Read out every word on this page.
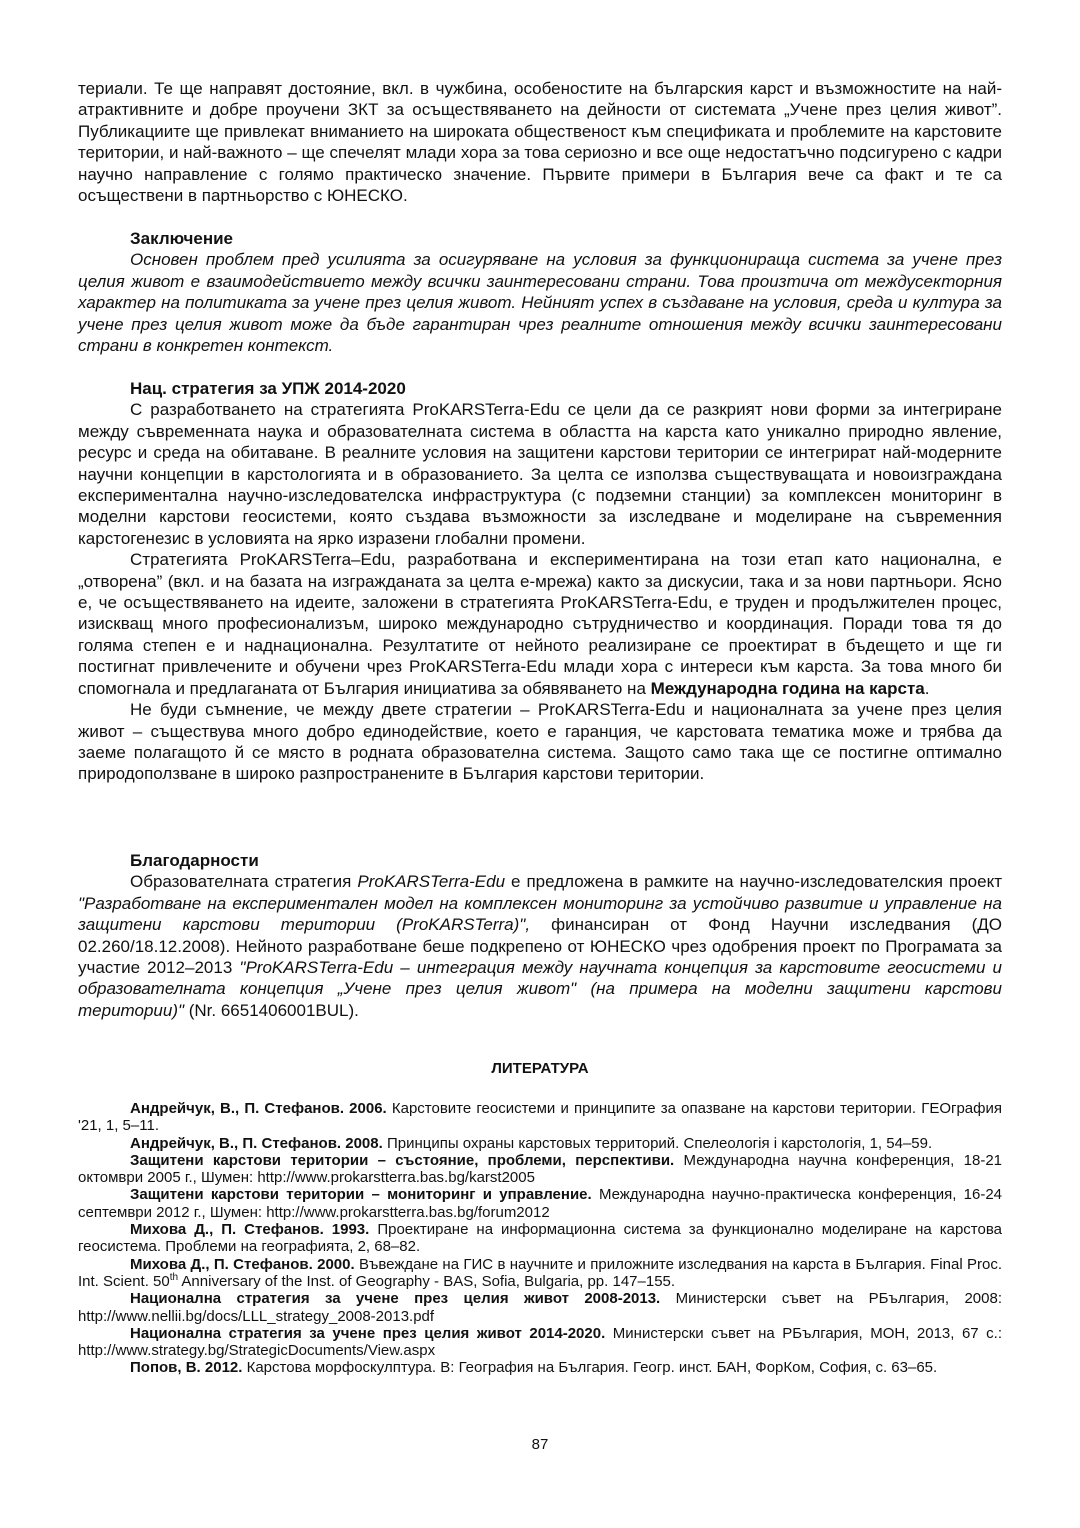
териали. Те ще направят достояние, вкл. в чужбина, особеностите на българския карст и възможностите на най-атрактивните и добре проучени ЗКТ за осъществяването на дейности от системата „Учене през целия живот”. Публикациите ще привлекат вниманието на широката общественост към спецификата и проблемите на карстовите територии, и най-важното – ще спечелят млади хора за това сериозно и все още недостатъчно подсигурено с кадри научно направление с голямо практическо значение. Първите примери в България вече са факт и те са осъществени в партньорство с ЮНЕСКО.

Заключение

Основен проблем пред усилията за осигуряване на условия за функциониращa система за учене през целия живот е взаимодействието между всички заинтересовани страни. Това произтича от междусекторния характер на политиката за учене през целия живот. Нейният успех в създаване на условия, среда и култура за учене през целия живот може да бъде гарантиран чрез реалните отношения между всички заинтересовани страни в конкретен контекст.

Нац. стратегия за УПЖ 2014-2020

С разработването на стратегията ProKARSTerra-Edu се цели да се разкрият нови форми за интегриране между съвременната наука и образователната система в областта на карста като уникално природно явление, ресурс и среда на обитаване. В реалните условия на защитени карстови територии се интегрират най-модерните научни концепции в карстологията и в образованието. За целта се използва съществуващата и новоизграждана експериментална научно-изследователска инфраструктура (с подземни станции) за комплексен мониторинг в моделни карстови геосистеми, която създава възможности за изследване и моделиране на съвременния карстогенезис в условията на ярко изразени глобални промени.

Стратегията ProKARSTerra–Edu, разработвана и експериментирана на този етап като национална, е „отворена” (вкл. и на базата на изгражданата за целта е-мрежа) както за дискусии, така и за нови партньори. Ясно е, че осъществяването на идеите, заложени в стратегията ProKARSTerra-Edu, е труден и продължителен процес, изискващ много професионализъм, широко международно сътрудничество и координация. Поради това тя до голяма степен е и наднационална. Резултатите от нейното реализиране се проектират в бъдещето и ще ги постигнат привлечените и обучени чрез ProKARSTerra-Edu млади хора с интереси към карста. За това много би спомогнала и предлаганата от България инициатива за обявяването на Международна година на карста.

Не буди съмнение, че между двете стратегии – ProKARSTerra-Edu и националната за учене през целия живот – съществува много добро единодействие, което е гаранция, че карстовата тематика може и трябва да заеме полагащото й се място в родната образователна система. Защото само така ще се постигне оптимално природоползване в широко разпространените в България карстови територии.

Благодарности

Образователната стратегия ProKARSTerra-Edu е предложена в рамките на научно-изследователския проект "Разработване на експериментален модел на комплексен мониторинг за устойчиво развитие и управление на защитени карстови територии (ProKARSTerra)", финансиран от Фонд Научни изследвания (ДО 02.260/18.12.2008). Нейното разработване беше подкрепено от ЮНЕСКО чрез одобрения проект по Програмата за участие 2012–2013 "ProKARSTerra-Edu – интеграция между научната концепция за карстовите геосистеми и образователната концепция „Учене през целия живот" (на примера на моделни защитени карстови територии)" (Nr. 6651406001BUL).

ЛИТЕРАТУРА

Андрейчук, В., П. Стефанов. 2006. Карстовите геосистеми и принципите за опазване на карстови територии. ГЕОграфия '21, 1, 5–11.

Андрейчук, В., П. Стефанов. 2008. Принципы охраны карстовых территорий. Спелеологія і карстологія, 1, 54–59.

Защитени карстови територии – състояние, проблеми, перспективи. Международна научна конференция, 18-21 октомври 2005 г., Шумен: http://www.prokarstterra.bas.bg/karst2005

Защитени карстови територии – мониторинг и управление. Международна научно-практическа конференция, 16-24 септември 2012 г., Шумен: http://www.prokarstterra.bas.bg/forum2012

Михова Д., П. Стефанов. 1993. Проектиране на информационна система за функционално моделиране на карстова геосистема. Проблеми на географията, 2, 68–82.

Михова Д., П. Стефанов. 2000. Въвеждане на ГИС в научните и приложните изследвания на карста в България. Final Proc. Int. Scient. 50th Anniversary of the Inst. of Geography - BAS, Sofia, Bulgaria, pp. 147–155.

Национална стратегия за учене през целия живот 2008-2013. Министерски съвет на РБългария, 2008: http://www.nellii.bg/docs/LLL_strategy_2008-2013.pdf

Национална стратегия за учене през целия живот 2014-2020. Министерски съвет на РБългария, МОН, 2013, 67 с.: http://www.strategy.bg/StrategicDocuments/View.aspx

Попов, В. 2012. Карстова морфоскулптура. В: География на България. Геогр. инст. БАН, ФорКом, София, с. 63–65.

87
